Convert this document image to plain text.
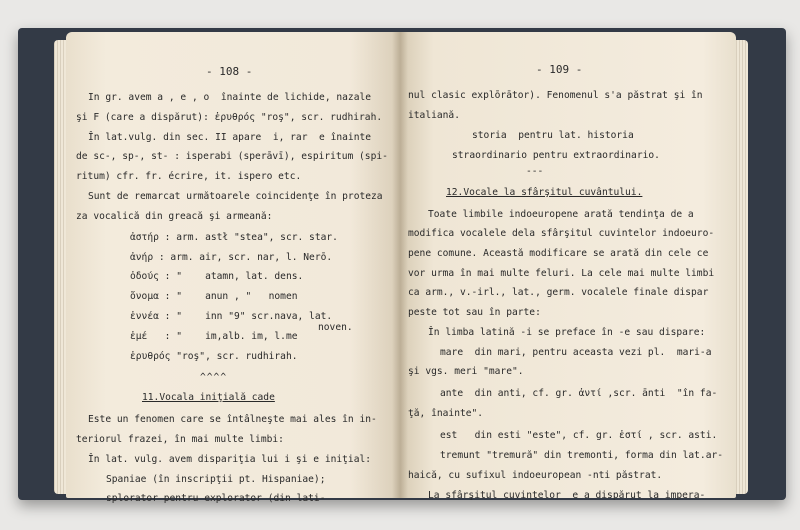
- 108 -
In gr. avem a , e , o  înainte de lichide, nazale
şi F (care a dispărut): ἐρυθρός "roş", scr. rudhirah.
În lat.vulg. din sec. II apare  i, rar  e înainte
de sc-, sp-, st- : isperabi (sperāvī), espiritum (spi-
ritum) cfr. fr. écrire, it. ispero etc.
Sunt de remarcat următoarele coincidenţe în proteza
za vocalică din greacă şi armeană:
ἀστήρ : arm. astł "stea", scr. star.
ἀνήρ : arm. air, scr. nar, l. Nerō.
ὀδούς : "    atamn, lat. dens.
ὄνομα : "    anun , "   nomen
ἐννέα : "    inn "9" scr.nava, lat.
noven.
ἐμέ   : "    im,alb. im, l.me
ἐρυθρός "roş", scr. rudhirah.
^^^^
11.Vocala iniţială cade
Este un fenomen care se întâlneşte mai ales în in-
teriorul frazei, în mai multe limbi:
În lat. vulg. avem dispariţia lui i şi e iniţial:
Spaniae (în inscripţii pt. Hispaniae);
splorator pentru explorator (din lati-
- 109 -
nul clasic explōrātor). Fenomenul s'a păstrat şi în
italiană.
storia  pentru lat. historia
straordinario pentru extraordinario.
---
12.Vocale la sfârşitul cuvântului.
Toate limbile indoeuropene arată tendinţa de a
modifica vocalele dela sfârşitul cuvintelor indoeuro-
pene comune. Această modificare se arată din cele ce
vor urma în mai multe feluri. La cele mai multe limbi
ca arm., v.-irl., lat., germ. vocalele finale dispar
peste tot sau în parte:
În limba latină -i se preface în -e sau dispare:
mare  din mari, pentru aceasta vezi pl.  mari-a
şi vgs. meri "mare".
ante  din anti, cf. gr. ἀντί ,scr. ānti  "în fa-
ţă, înainte".
est   din esti "este", cf. gr. ἐστί , scr. asti.
tremunt "tremură" din tremonti, forma din lat.ar-
haică, cu sufixul indoeuropean -nti păstrat.
La sfârşitul cuvintelor  e a dispărut la impera-
